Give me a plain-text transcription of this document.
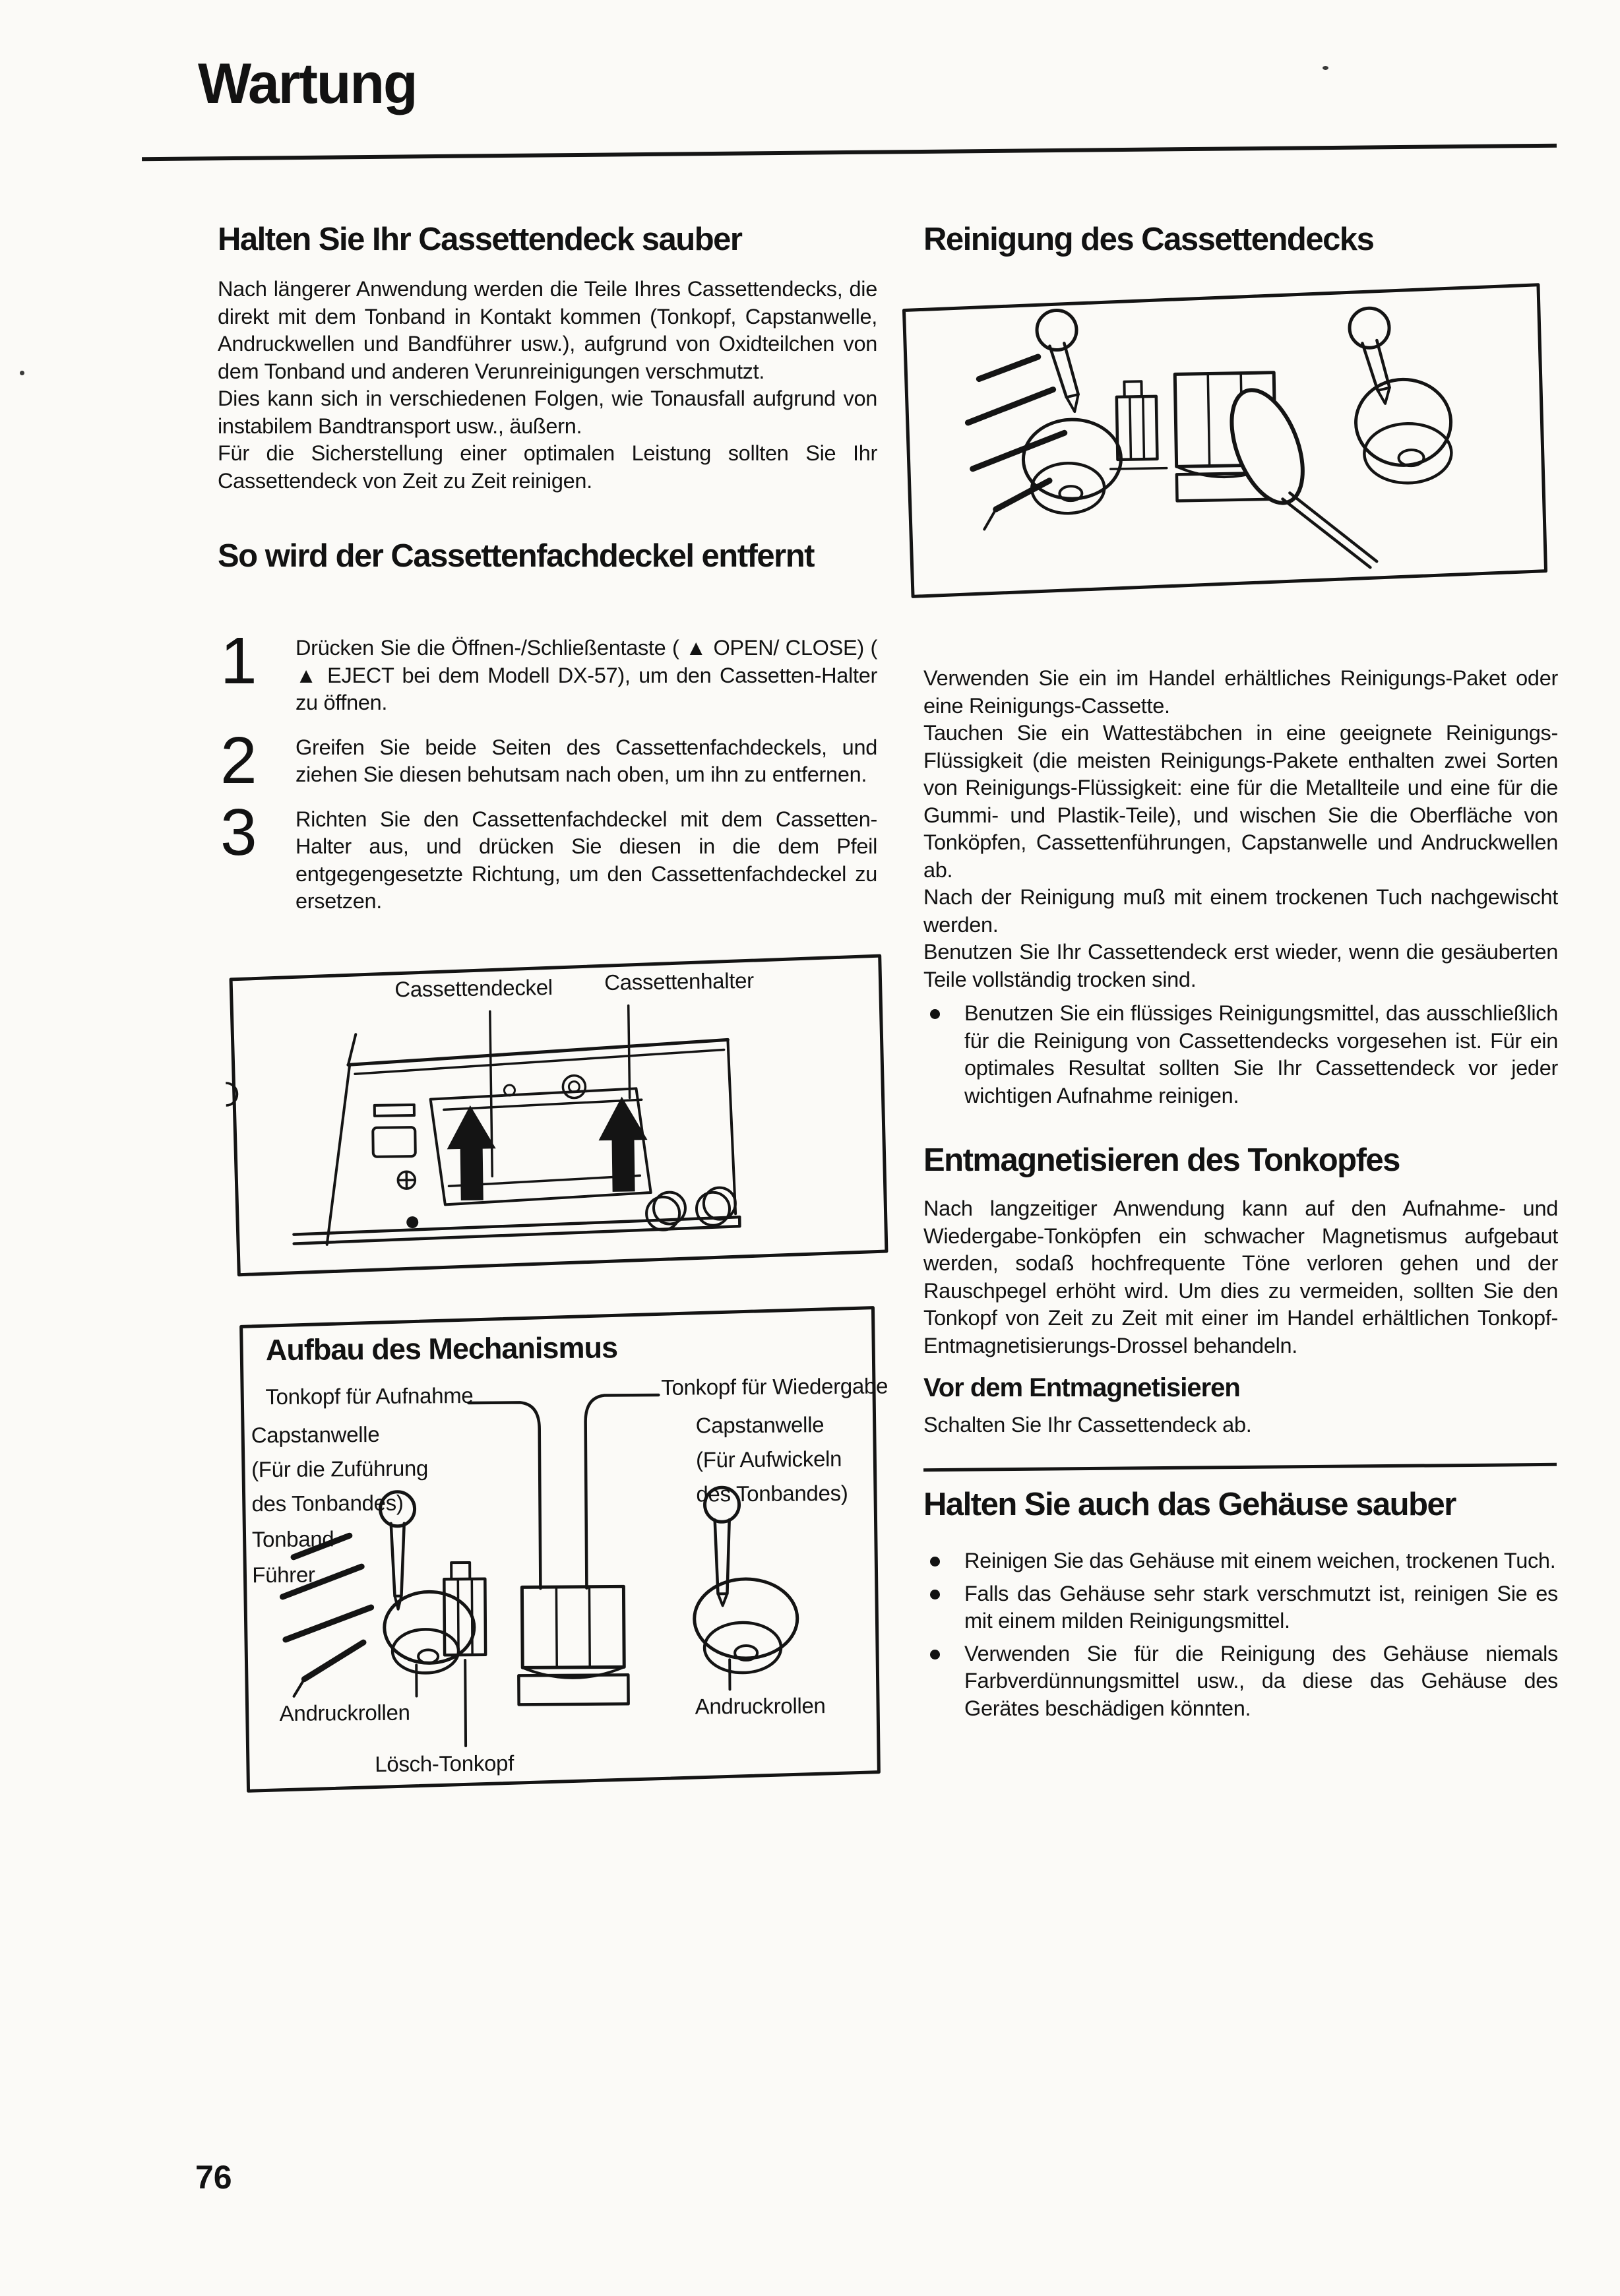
Wartung
Halten Sie Ihr Cassettendeck sauber

Nach längerer Anwendung werden die Teile Ihres Cassettendecks, die direkt mit dem Tonband in Kontakt kommen (Tonkopf, Capstanwelle, Andruckwellen und Bandführer usw.), aufgrund von Oxidteilchen von dem Tonband und anderen Verunreinigungen verschmutzt.

Dies kann sich in verschiedenen Folgen, wie Tonausfall aufgrund von instabilem Bandtransport usw., äußern.

Für die Sicherstellung einer optimalen Leistung sollten Sie Ihr Cassettendeck von Zeit zu Zeit reinigen.

So wird der Cassettenfachdeckel entfernt
1 Drücken Sie die Öffnen-/Schließentaste ( ▲ OPEN/ CLOSE) ( ▲ EJECT bei dem Modell DX-57), um den Cassetten-Halter zu öffnen.
2 Greifen Sie beide Seiten des Cassettenfachdeckels, und ziehen Sie diesen behutsam nach oben, um ihn zu entfernen.
3 Richten Sie den Cassettenfachdeckel mit dem Cassetten-Halter aus, und drücken Sie diesen in die dem Pfeil entgegengesetzte Richtung, um den Cassettenfachdeckel zu ersetzen.
Cassettendeckel Cassettenhalter
Aufbau des Mechanismus
Tonkopf für Aufnahme	Tonkopf für Wiedergabe
Capstanwelle
(Für die Zuführung
des Tonbandes)
Capstanwelle
(Für Aufwickeln
des Tonbandes)
Tonband-
Führer
Andruckrollen
Lösch-Tonkopf
Andruckrollen
Reinigung des Cassettendecks

Verwenden Sie ein im Handel erhältliches Reinigungs-Paket oder eine Reinigungs-Cassette.

Tauchen Sie ein Wattestäbchen in eine geeignete Reinigungs-Flüssigkeit (die meisten Reinigungs-Pakete enthalten zwei Sorten von Reinigungs-Flüssigkeit: eine für die Metallteile und eine für die Gummi- und Plastik-Teile), und wischen Sie die Oberfläche von Tonköpfen, Cassettenführungen, Capstanwelle und Andruckwellen ab.

Nach der Reinigung muß mit einem trockenen Tuch nachgewischt werden.

Benutzen Sie Ihr Cassettendeck erst wieder, wenn die gesäuberten Teile vollständig trocken sind.

Benutzen Sie ein flüssiges Reinigungsmittel, das ausschließlich für die Reinigung von Cassettendecks vorgesehen ist. Für ein optimales Resultat sollten Sie Ihr Cassettendeck vor jeder wichtigen Aufnahme reinigen.
Entmagnetisieren des Tonkopfes

Nach langzeitiger Anwendung kann auf den Aufnahme- und Wiedergabe-Tonköpfen ein schwacher Magnetismus aufgebaut werden, sodaß hochfrequente Töne verloren gehen und der Rauschpegel erhöht wird. Um dies zu vermeiden, sollten Sie den Tonkopf von Zeit zu Zeit mit einer im Handel erhältlichen Tonkopf-Entmagnetisierungs-Drossel behandeln.

Vor dem Entmagnetisieren
Schalten Sie Ihr Cassettendeck ab.
Halten Sie auch das Gehäuse sauber
Reinigen Sie das Gehäuse mit einem weichen, trockenen Tuch.
Falls das Gehäuse sehr stark verschmutzt ist, reinigen Sie es mit einem milden Reinigungsmittel.
Verwenden Sie für die Reinigung des Gehäuse niemals Farbverdünnungsmittel usw., da diese das Gehäuse des Gerätes beschädigen könnten.
76
